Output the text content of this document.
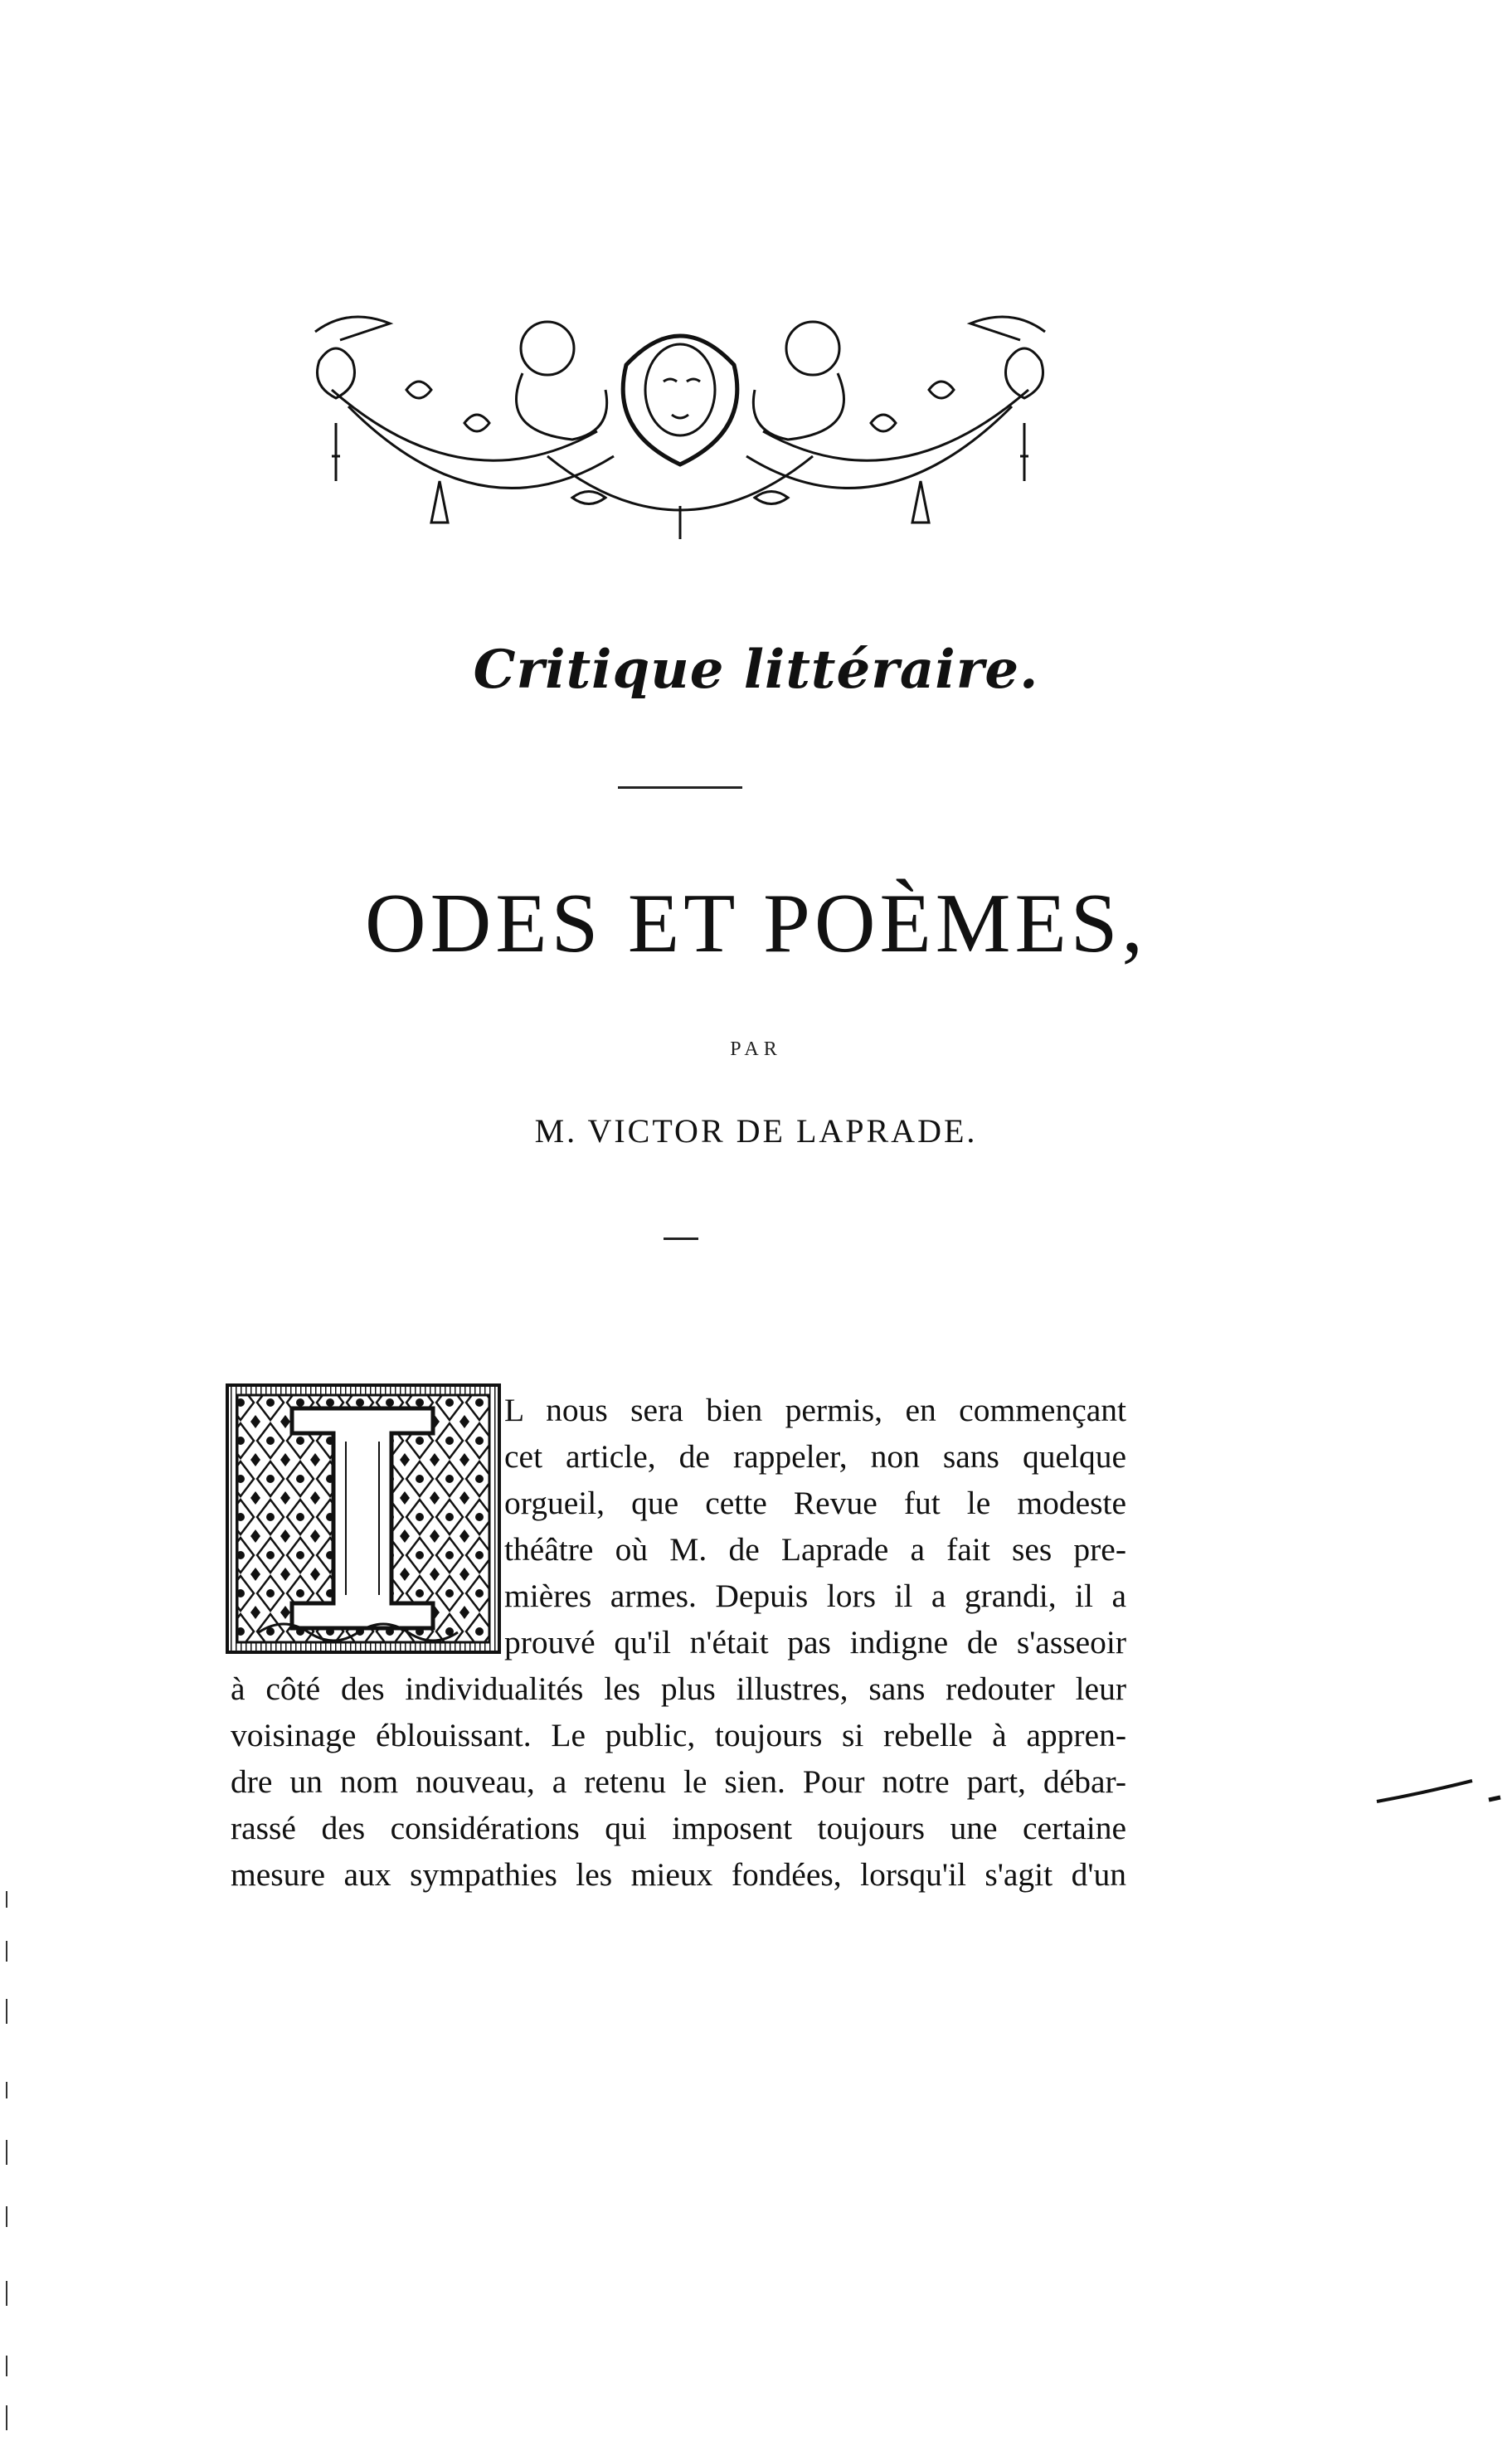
Critique littéraire.
ODES ET POÈMES,
PAR
M. VICTOR DE LAPRADE.
L nous sera bien permis, en commençant
cet article, de rappeler, non sans quelque
orgueil, que cette Revue fut le modeste
théâtre où M. de Laprade a fait ses pre-
mières armes. Depuis lors il a grandi, il a
prouvé qu'il n'était pas indigne de s'asseoir
à côté des individualités les plus illustres, sans redouter leur
voisinage éblouissant. Le public, toujours si rebelle à appren-
dre un nom nouveau, a retenu le sien. Pour notre part, débar-
rassé des considérations qui imposent toujours une certaine
mesure aux sympathies les mieux fondées, lorsqu'il s'agit d'un
